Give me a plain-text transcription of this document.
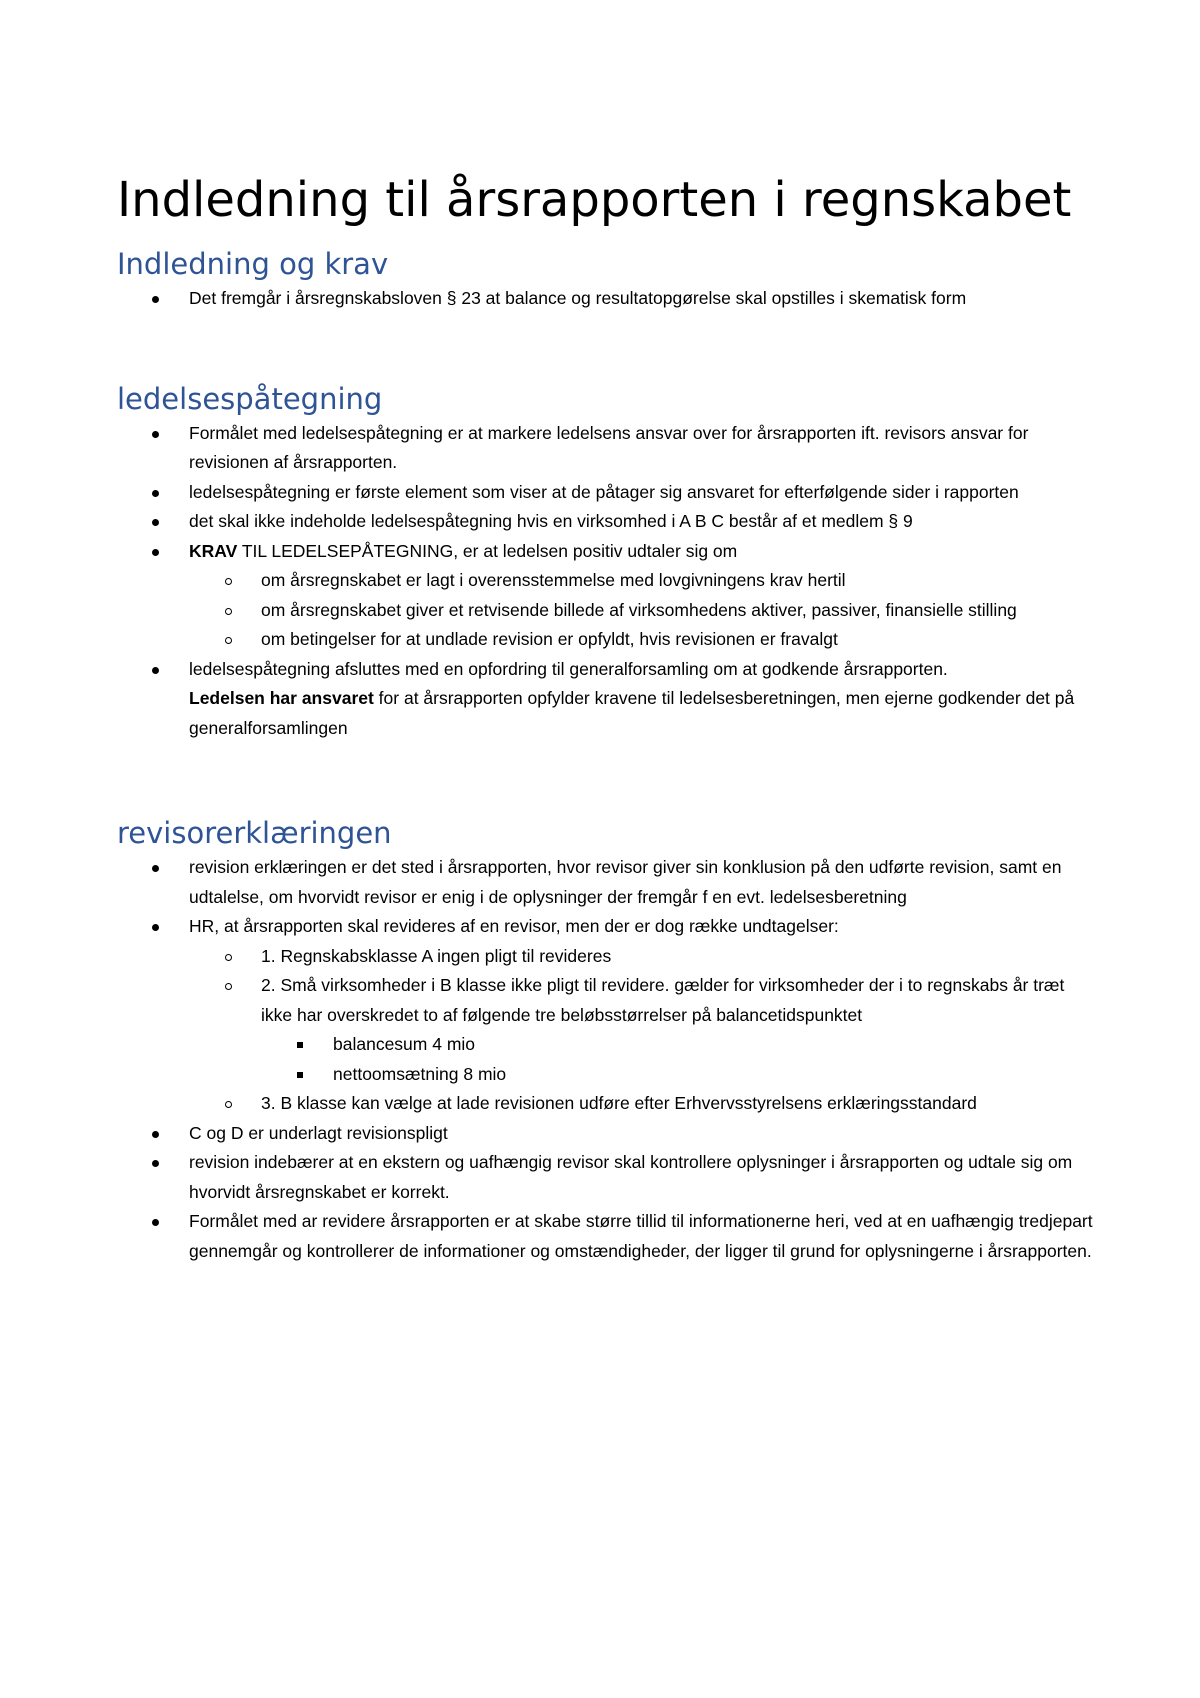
Indledning til årsrapporten i regnskabet
Indledning og krav
Det fremgår i årsregnskabsloven § 23 at balance og resultatopgørelse skal opstilles i skematisk form
ledelsespåtegning
Formålet med ledelsespåtegning er at markere ledelsens ansvar over for årsrapporten ift. revisors ansvar for revisionen af årsrapporten.
ledelsespåtegning er første element som viser at de påtager sig ansvaret for efterfølgende sider i rapporten
det skal ikke indeholde ledelsespåtegning hvis en virksomhed i A B C består af et medlem § 9
KRAV TIL LEDELSEPÅTEGNING, er at ledelsen positiv udtaler sig om
om årsregnskabet er lagt i overensstemmelse med lovgivningens krav hertil
om årsregnskabet giver et retvisende billede af virksomhedens aktiver, passiver, finansielle stilling
om betingelser for at undlade revision er opfyldt, hvis revisionen er fravalgt
ledelsespåtegning afsluttes med en opfordring til generalforsamling om at godkende årsrapporten.
Ledelsen har ansvaret for at årsrapporten opfylder kravene til ledelsesberetningen, men ejerne godkender det på generalforsamlingen
revisorerklæringen
revision erklæringen er det sted i årsrapporten, hvor revisor giver sin konklusion på den udførte revision, samt en udtalelse, om hvorvidt revisor er enig i de oplysninger der fremgår f en evt. ledelsesberetning
HR, at årsrapporten skal revideres af en revisor, men der er dog række undtagelser:
1. Regnskabsklasse A ingen pligt til revideres
2. Små virksomheder i B klasse ikke pligt til revidere. gælder for virksomheder der i to regnskabs år træt ikke har overskredet to af følgende tre beløbsstørrelser på balancetidspunktet
balancesum 4 mio
nettoomsætning 8 mio
3. B klasse kan vælge at lade revisionen udføre efter Erhvervsstyrelsens erklæringsstandard
C og D er underlagt revisionspligt
revision indebærer at en ekstern og uafhængig revisor skal kontrollere oplysninger i årsrapporten og udtale sig om hvorvidt årsregnskabet er korrekt.
Formålet med ar revidere årsrapporten er at skabe større tillid til informationerne heri, ved at en uafhængig tredjepart gennemgår og kontrollerer de informationer og omstændigheder, der ligger til grund for oplysningerne i årsrapporten.
